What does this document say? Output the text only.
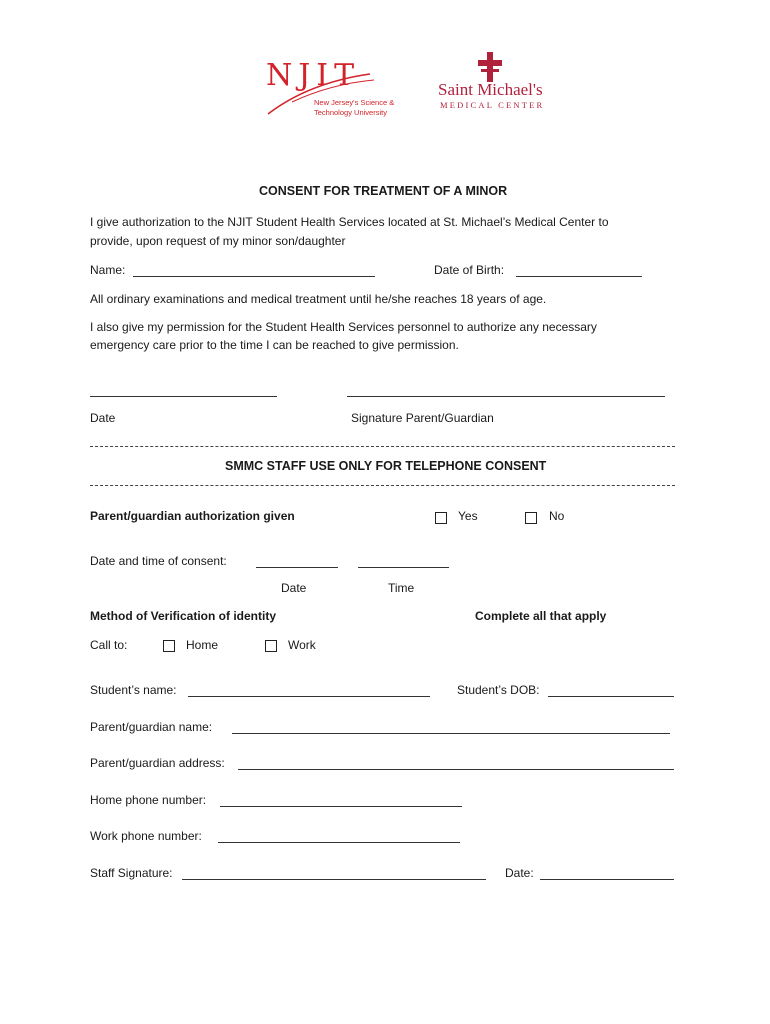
NJIT
New Jersey's Science &
Technology University
Saint Michael's
MEDICAL CENTER
CONSENT FOR TREATMENT OF A MINOR
I give authorization to the NJIT Student Health Services located at St. Michael’s Medical Center to
provide, upon request of my minor son/daughter
Name:	Date of Birth:
All ordinary examinations and medical treatment until he/she reaches 18 years of age.
I also give my permission for the Student Health Services personnel to authorize any necessary
emergency care prior to the time I can be reached to give permission.
Date	Signature Parent/Guardian
SMMC STAFF USE ONLY FOR TELEPHONE CONSENT
Parent/guardian authorization given	Yes	No
Date and time of consent:
Date	Time
Method of Verification of identity	Complete all that apply
Call to:	Home	Work
Student’s name:	Student’s DOB:
Parent/guardian name:
Parent/guardian address:
Home phone number:
Work phone number:
Staff Signature:	Date:
